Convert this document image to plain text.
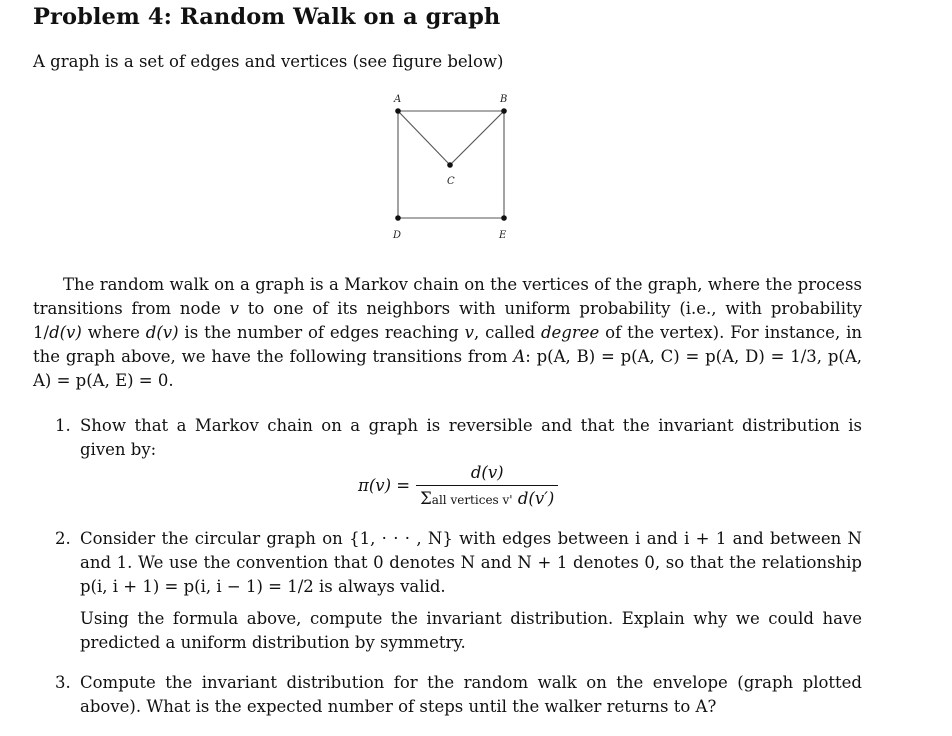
Problem 4: Random Walk on a graph
A graph is a set of edges and vertices (see figure below)
A	B
C
D	E

The random walk on a graph is a Markov chain on the vertices of the graph, where the process transitions from node v to one of its neighbors with uniform probability (i.e., with probability 1/d(v) where d(v) is the number of edges reaching v, called degree of the vertex). For instance, in the graph above, we have the following transitions from A: p(A, B) = p(A, C) = p(A, D) = 1/3, p(A, A) = p(A, E) = 0.

1. Show that a Markov chain on a graph is reversible and that the invariant distribution is given by:

$\pi(v) = \frac{d(v)}{\text{Σall vertices v' d(v′)}}$
2. Consider the circular graph on {1, · · · , N} with edges between i and i + 1 and between N and 1. We use the convention that 0 denotes N and N + 1 denotes 0, so that the relationship p(i, i + 1) = p(i, i − 1) = 1/2 is always valid.

Using the formula above, compute the invariant distribution. Explain why we could have predicted a uniform distribution by symmetry.

3. Compute the invariant distribution for the random walk on the envelope (graph plotted above). What is the expected number of steps until the walker returns to A?
